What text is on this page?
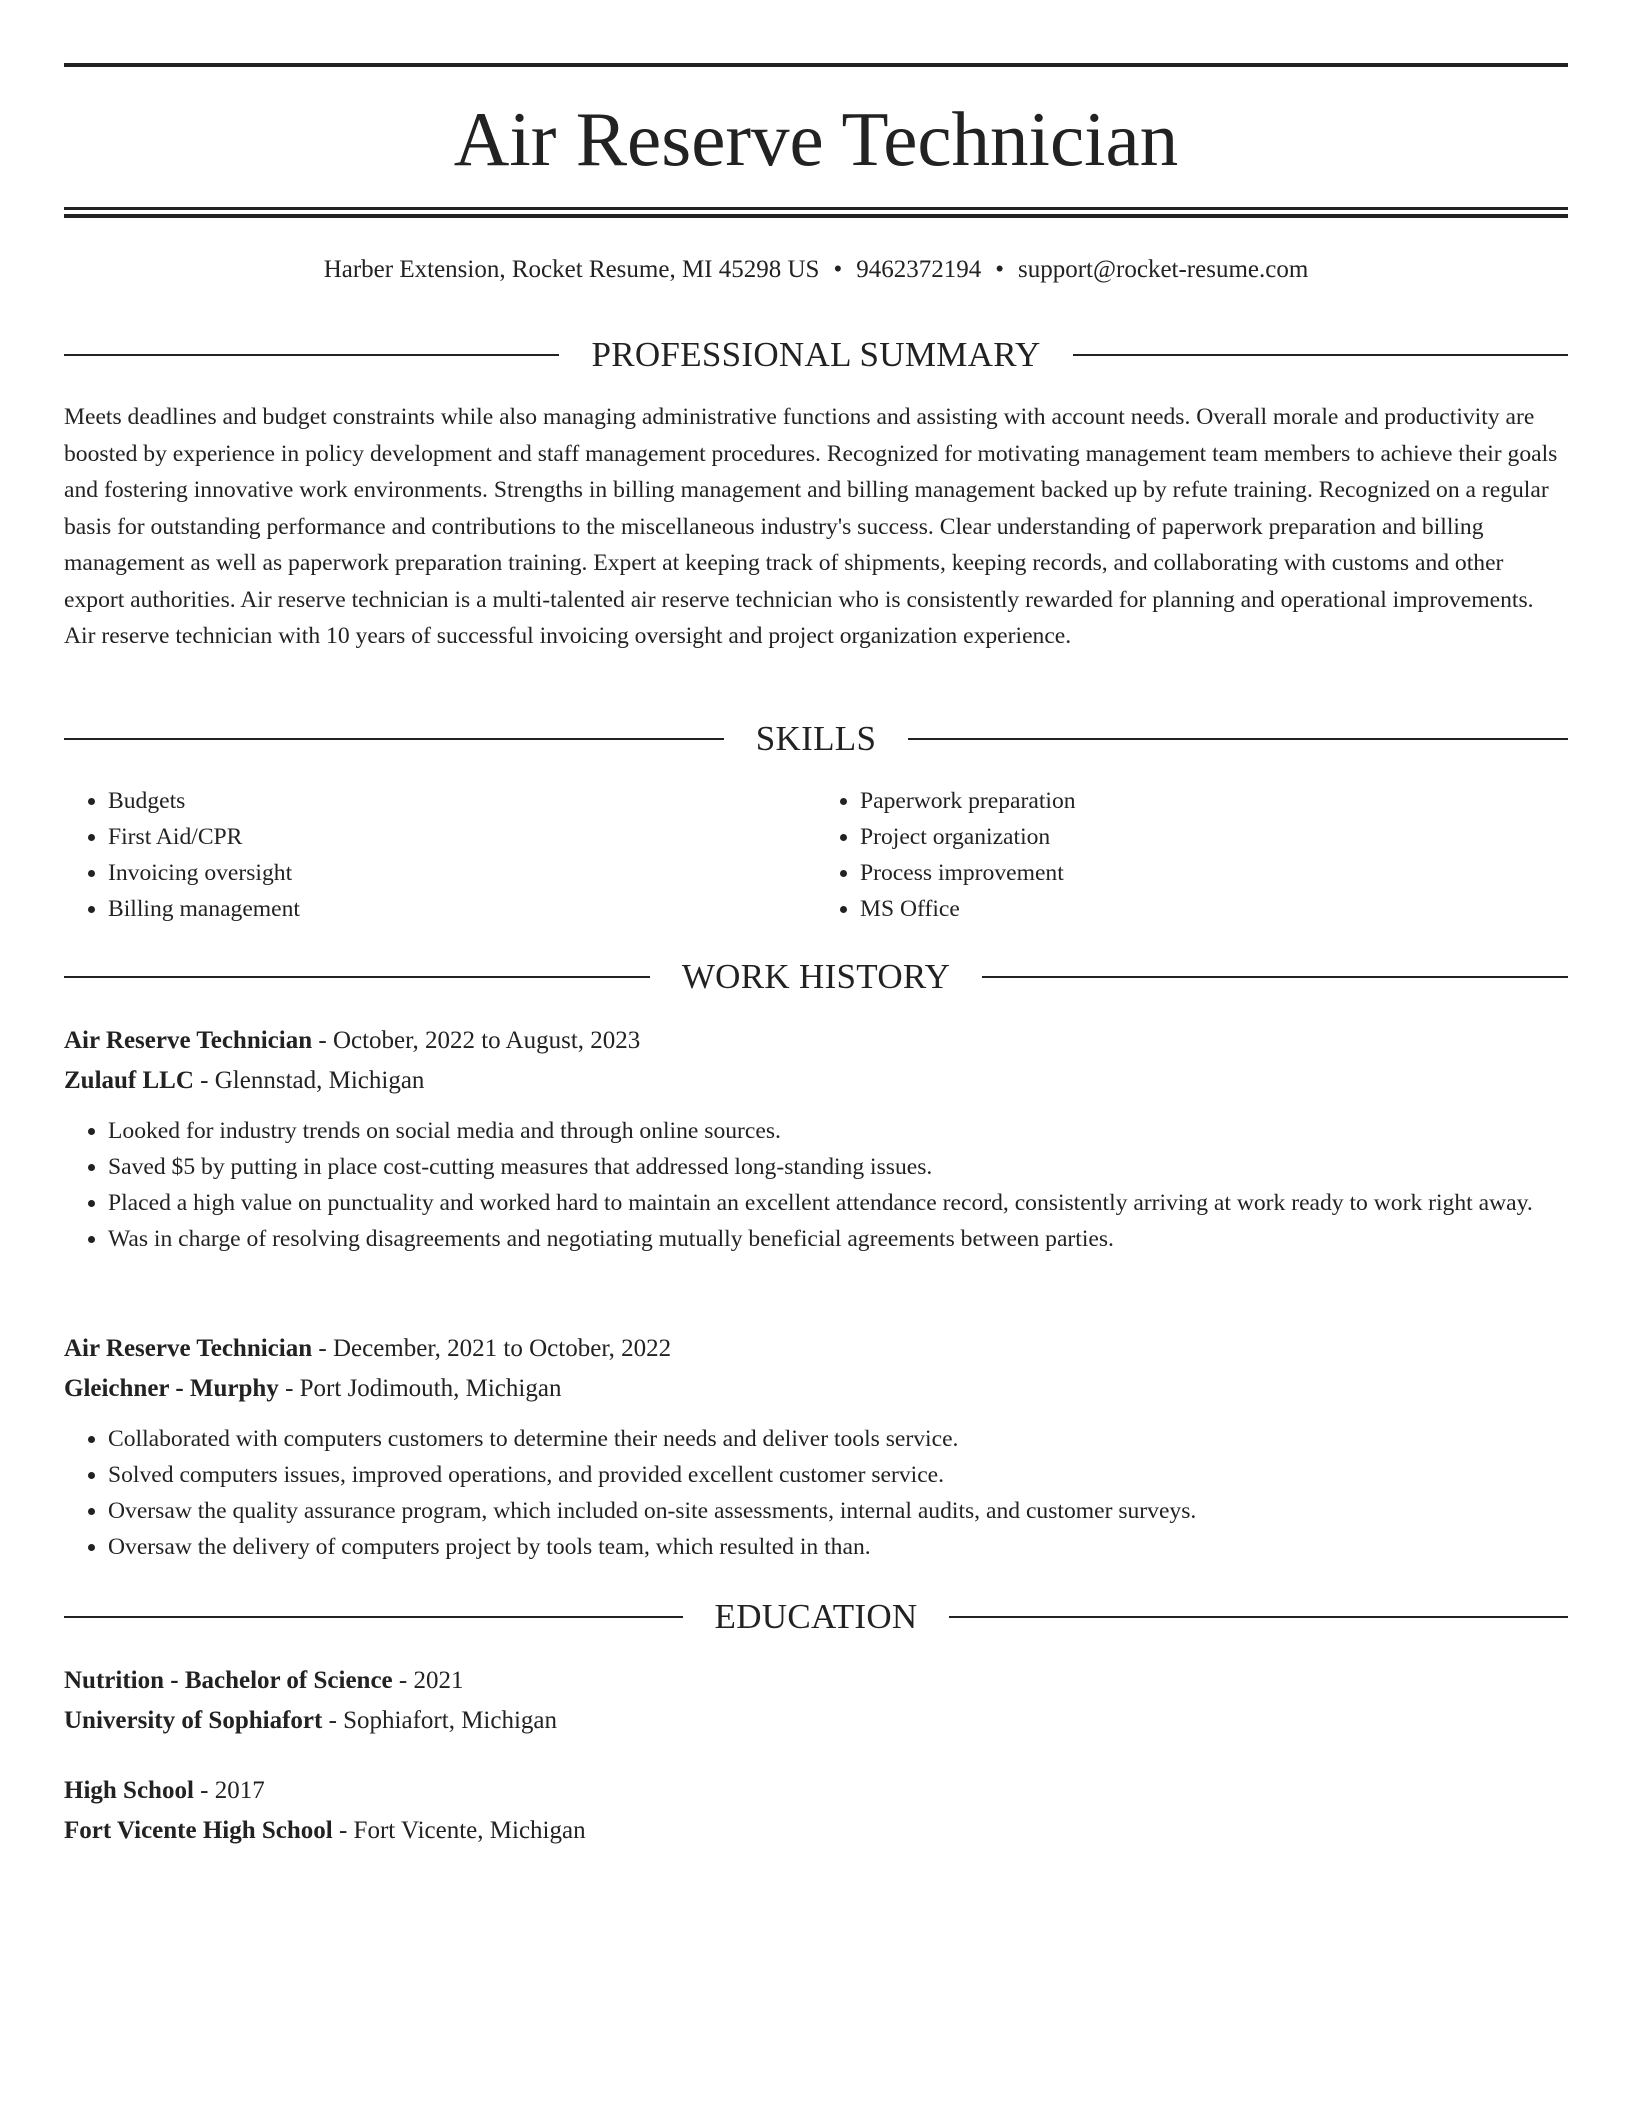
Air Reserve Technician
Harber Extension, Rocket Resume, MI 45298 US • 9462372194 • support@rocket-resume.com
PROFESSIONAL SUMMARY

Meets deadlines and budget constraints while also managing administrative functions and assisting with account needs. Overall morale and productivity are boosted by experience in policy development and staff management procedures. Recognized for motivating management team members to achieve their goals and fostering innovative work environments. Strengths in billing management and billing management backed up by refute training. Recognized on a regular basis for outstanding performance and contributions to the miscellaneous industry's success. Clear understanding of paperwork preparation and billing management as well as paperwork preparation training. Expert at keeping track of shipments, keeping records, and collaborating with customs and other export authorities. Air reserve technician is a multi-talented air reserve technician who is consistently rewarded for planning and operational improvements. Air reserve technician with 10 years of successful invoicing oversight and project organization experience.

SKILLS
• Budgets
• First Aid/CPR
• Invoicing oversight
• Billing management
• Paperwork preparation
• Project organization
• Process improvement
• MS Office
WORK HISTORY
Air Reserve Technician - October, 2022 to August, 2023
Zulauf LLC - Glennstad, Michigan
• Looked for industry trends on social media and through online sources.
• Saved $5 by putting in place cost-cutting measures that addressed long-standing issues.
• Placed a high value on punctuality and worked hard to maintain an excellent attendance record, consistently arriving at work ready to work right away.
• Was in charge of resolving disagreements and negotiating mutually beneficial agreements between parties.
Air Reserve Technician - December, 2021 to October, 2022
Gleichner - Murphy - Port Jodimouth, Michigan
• Collaborated with computers customers to determine their needs and deliver tools service.
• Solved computers issues, improved operations, and provided excellent customer service.
• Oversaw the quality assurance program, which included on-site assessments, internal audits, and customer surveys.
• Oversaw the delivery of computers project by tools team, which resulted in than.
EDUCATION
Nutrition - Bachelor of Science - 2021
University of Sophiafort - Sophiafort, Michigan
High School - 2017
Fort Vicente High School - Fort Vicente, Michigan
